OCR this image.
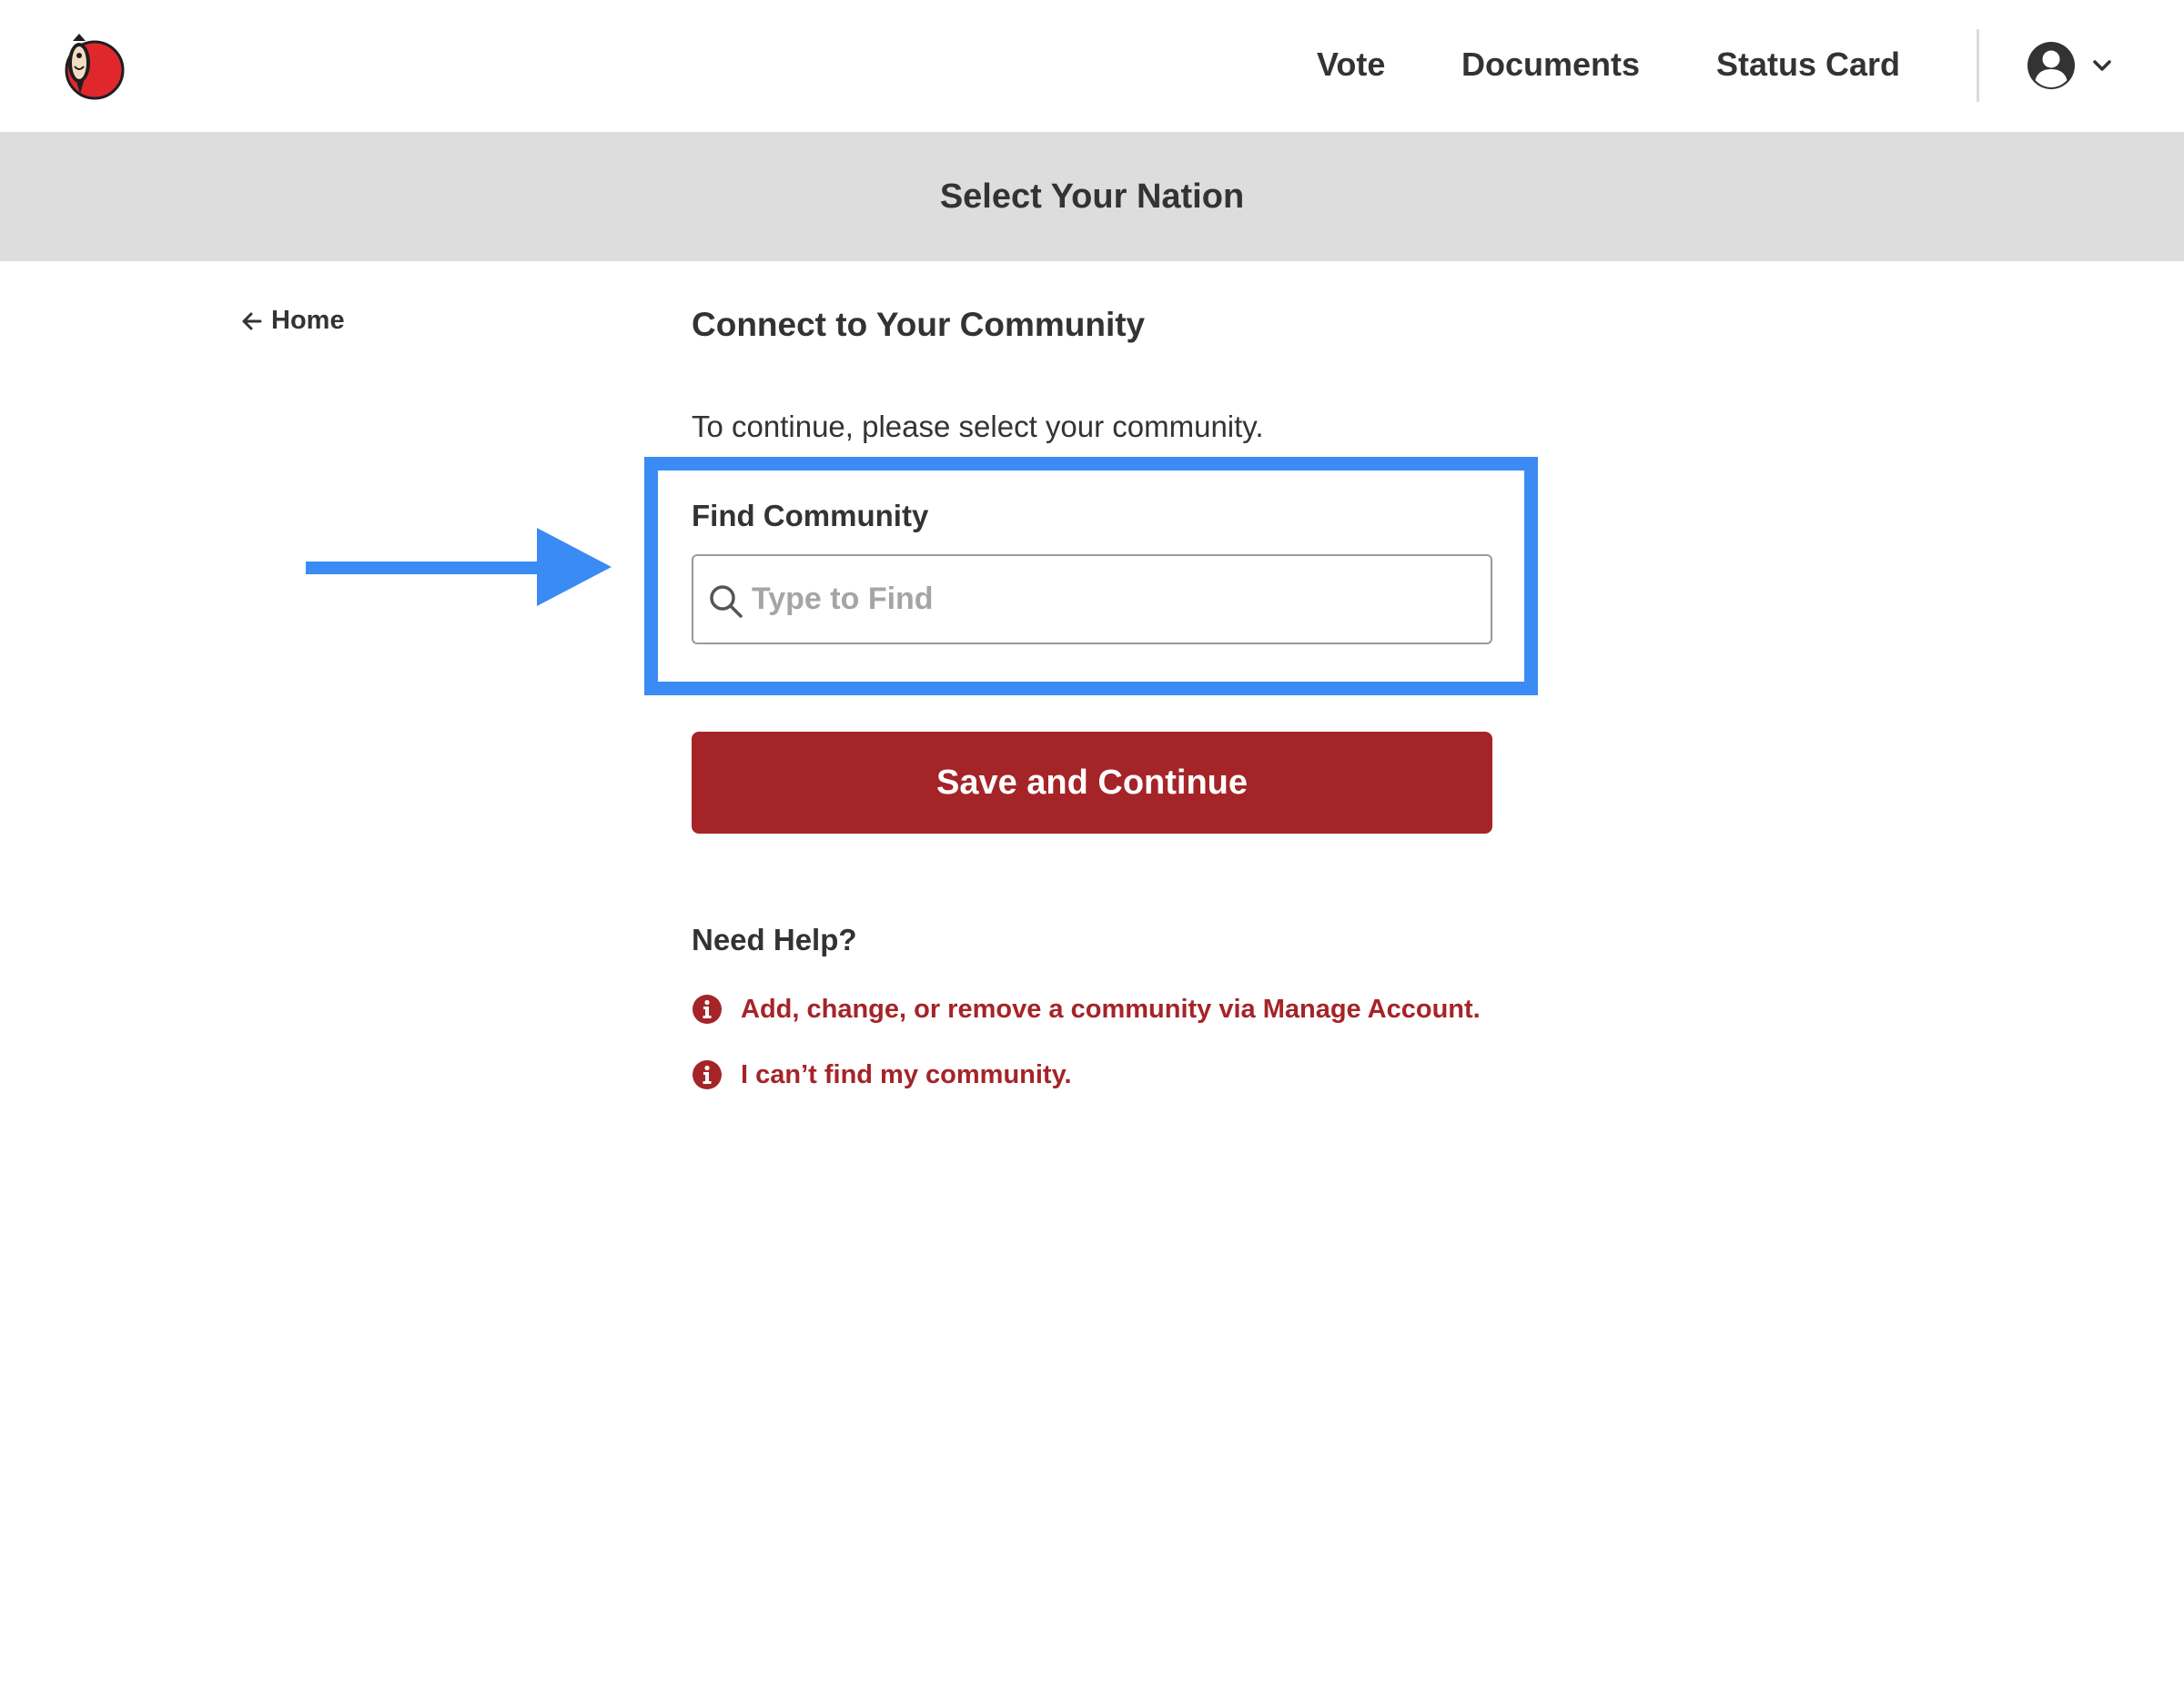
Vote Documents Status Card
Select Your Nation
Home	Connect to Your Community

To continue, please select your community.

Find Community
Type to Find
Save and Continue
Need Help?
Add, change, or remove a community via Manage Account.
I can’t find my community.
